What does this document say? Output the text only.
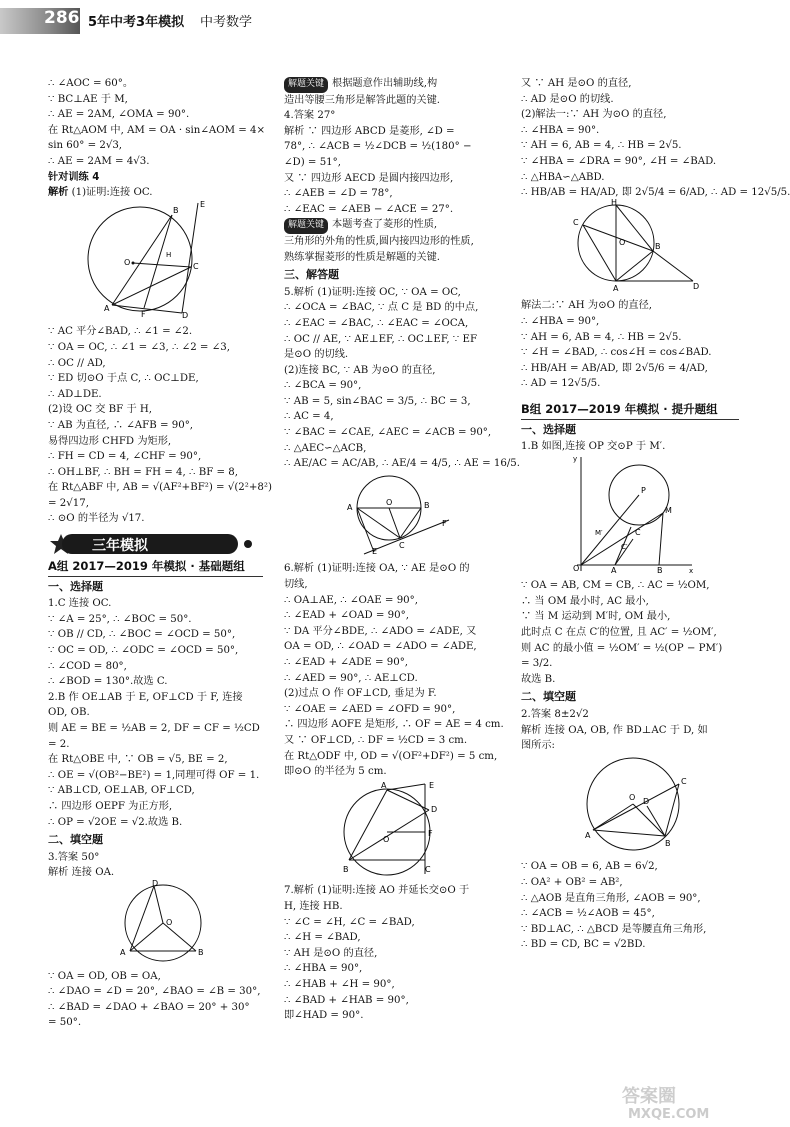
286 5年中考3年模拟 中考数学

∴ ∠AOC = 60°。

∵ BC⊥AE 于 M,

∴ AE = 2AM, ∠OMA = 90°.

在 Rt△AOM 中, AM = OA · sin∠AOM = 4×

sin 60° = 2√3,

∴ AE = 2AM = 4√3.

针对训练 4

解析 (1)证明:连接 OC.

O
B
C
E
A
F	D
H

∵ AC 平分∠BAD, ∴ ∠1 = ∠2.

∵ OA = OC, ∴ ∠1 = ∠3, ∴ ∠2 = ∠3,

∴ OC // AD,

∵ ED 切⊙O 于点 C, ∴ OC⊥DE,

∴ AD⊥DE.

(2)设 OC 交 BF 于 H,

∵ AB 为直径, ∴ ∠AFB = 90°,

易得四边形 CHFD 为矩形,

∴ FH = CD = 4, ∠CHF = 90°,

∴ OH⊥BF, ∴ BH = FH = 4, ∴ BF = 8,

在 Rt△ABF 中, AB = √(AF²+BF²) = √(2²+8²)

= 2√17,

∴ ⊙O 的半径为 √17.

三年模拟

A组 2017—2019 年模拟 · 基础题组

一、选择题

1.C 连接 OC.

∵ ∠A = 25°, ∴ ∠BOC = 50°.

∵ OB // CD, ∴ ∠BOC = ∠OCD = 50°,

∵ OC = OD, ∴ ∠ODC = ∠OCD = 50°,

∴ ∠COD = 80°,

∴ ∠BOD = 130°.故选 C.

2.B 作 OE⊥AB 于 E, OF⊥CD 于 F, 连接

OD, OB.

则 AE = BE = ½AB = 2, DF = CF = ½CD

= 2.

在 Rt△OBE 中, ∵ OB = √5, BE = 2,

∴ OE = √(OB²−BE²) = 1,同理可得 OF = 1.

∵ AB⊥CD, OE⊥AB, OF⊥CD,

∴ 四边形 OEPF 为正方形,

∴ OP = √2OE = √2.故选 B.

二、填空题

3.答案 50°

解析 连接 OA.

O
D
A	B

∵ OA = OD, OB = OA,

∴ ∠DAO = ∠D = 20°, ∠BAO = ∠B = 30°,

∴ ∠BAD = ∠DAO + ∠BAO = 20° + 30°

= 50°.

解题关键 根据题意作出辅助线,构

造出等腰三角形是解答此题的关键.

4.答案 27°

解析 ∵ 四边形 ABCD 是菱形, ∠D =

78°, ∴ ∠ACB = ½∠DCB = ½(180° −

∠D) = 51°,

又 ∵ 四边形 AECD 是圆内接四边形,

∴ ∠AEB = ∠D = 78°,

∴ ∠EAC = ∠AEB − ∠ACE = 27°.

解题关键 本题考查了菱形的性质,

三角形的外角的性质,圆内接四边形的性质,

熟练掌握菱形的性质是解题的关键.

三、解答题

5.解析 (1)证明:连接 OC, ∵ OA = OC,

∴ ∠OCA = ∠BAC, ∵ 点 C 是 BD 的中点,

∴ ∠EAC = ∠BAC, ∴ ∠EAC = ∠OCA,

∴ OC // AE, ∵ AE⊥EF, ∴ OC⊥EF, ∵ EF

是⊙O 的切线.

(2)连接 BC, ∵ AB 为⊙O 的直径,

∴ ∠BCA = 90°,

∵ AB = 5, sin∠BAC = 3/5, ∴ BC = 3,

∴ AC = 4,

∵ ∠BAC = ∠CAE, ∠AEC = ∠ACB = 90°,

∴ △AEC∽△ACB,

∴ AE/AC = AC/AB, ∴ AE/4 = 4/5, ∴ AE = 16/5.

A	B
O
C
E
F

6.解析 (1)证明:连接 OA, ∵ AE 是⊙O 的

切线,

∴ OA⊥AE, ∴ ∠OAE = 90°,

∴ ∠EAD + ∠OAD = 90°,

∵ DA 平分∠BDE, ∴ ∠ADO = ∠ADE, 又

OA = OD, ∴ ∠OAD = ∠ADO = ∠ADE,

∴ ∠EAD + ∠ADE = 90°,

∴ ∠AED = 90°, ∴ AE⊥CD.

(2)过点 O 作 OF⊥CD, 垂足为 F.

∵ ∠OAE = ∠AED = ∠OFD = 90°,

∴ 四边形 AOFE 是矩形, ∴ OF = AE = 4 cm.

又 ∵ OF⊥CD, ∴ DF = ½CD = 3 cm.

在 Rt△ODF 中, OD = √(OF²+DF²) = 5 cm,

即⊙O 的半径为 5 cm.

E
D
F
C
A
B
O

7.解析 (1)证明:连接 AO 并延长交⊙O 于

H, 连接 HB.

∵ ∠C = ∠H, ∠C = ∠BAD,

∴ ∠H = ∠BAD,

∵ AH 是⊙O 的直径,

∴ ∠HBA = 90°,

∴ ∠HAB + ∠H = 90°,

∴ ∠BAD + ∠HAB = 90°,

即∠HAD = 90°.

又 ∵ AH 是⊙O 的直径,

∴ AD 是⊙O 的切线.

(2)解法一:∵ AH 为⊙O 的直径,

∴ ∠HBA = 90°.

∵ AH = 6, AB = 4, ∴ HB = 2√5.

∵ ∠HBA = ∠DRA = 90°, ∠H = ∠BAD.

∴ △HBA∽△ABD.

∴ HB/AB = HA/AD, 即 2√5/4 = 6/AD, ∴ AD = 12√5/5.

H
C
B
O
A	D

解法二:∵ AH 为⊙O 的直径,

∴ ∠HBA = 90°,

∵ AH = 6, AB = 4, ∴ HB = 2√5.

∵ ∠H = ∠BAD, ∴ cos∠H = cos∠BAD.

∴ HB/AH = AB/AD, 即 2√5/6 = 4/AD,

∴ AD = 12√5/5.

B组 2017—2019 年模拟 · 提升题组

一、选择题

1.B 如图,连接 OP 交⊙P 于 M′.

y
x
O	A	B
P
M
M′	C
C′

∵ OA = AB, CM = CB, ∴ AC = ½OM,

∴ 当 OM 最小时, AC 最小,

∵ 当 M 运动到 M′时, OM 最小,

此时点 C 在点 C′的位置, 且 AC′ = ½OM′,

则 AC 的最小值 = ½OM′ = ½(OP − PM′)

= 3/2.

故选 B.

二、填空题

2.答案 8±2√2

解析 连接 OA, OB, 作 BD⊥AC 于 D, 如

图所示:

O D
C
A
B

∵ OA = OB = 6, AB = 6√2,

∴ OA² + OB² = AB²,

∴ △AOB 是直角三角形, ∠AOB = 90°,

∴ ∠ACB = ½∠AOB = 45°,

∵ BD⊥AC, ∴ △BCD 是等腰直角三角形,

∴ BD = CD, BC = √2BD.

答案圈
MXQE.COM
